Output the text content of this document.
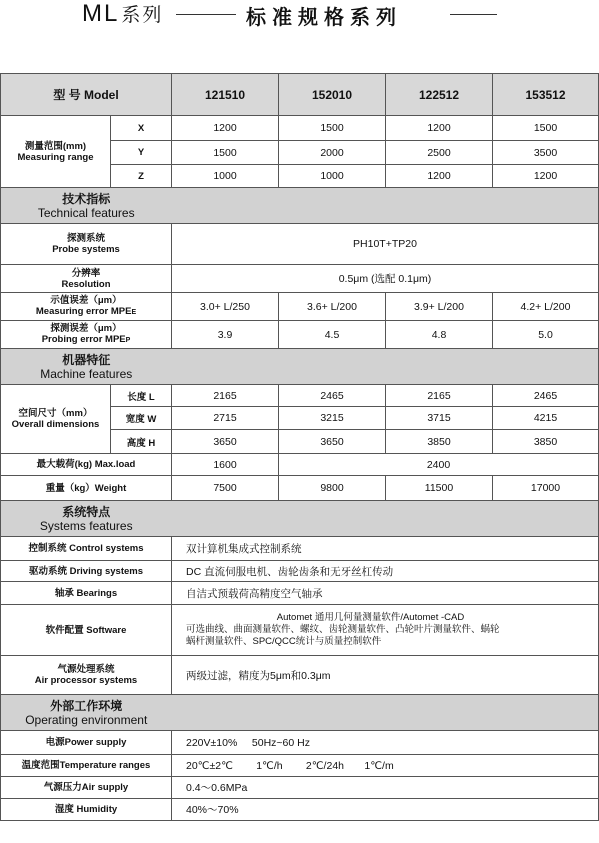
ML 系列	标准规格系列
型 号 Model		121510	152010	122512	153512

测量范围(mm)
Measuring range	X	1200	1500	1200	1500
	Y	1500	2000	2500	3500
	Z	1000	1000	1200	1200

技术指标
Technical features					

探测系统
Probe systems		PH10T+TP20			

分辨率
Resolution		0.5μm (选配 0.1μm)			

示值误差（μm）
Measuring error MPEE		3.0+ L/250	3.6+ L/200	3.9+ L/200	4.2+ L/200

探测误差（μm）
Probing error MPEP		3.9	4.5	4.8	5.0

机器特征
Machine features					

空间尺寸（mm）
Overall dimensions	长度 L	2165	2465	2165	2465
	宽度 W	2715	3215	3715	4215
	高度 H	3650	3650	3850	3850
最大载荷(kg) Max.load		1600	2400		
重量（kg）Weight		7500	9800	11500	17000

系统特点
Systems features					

控制系统 Control systems		双计算机集成式控制系统			
驱动系统 Driving systems		DC 直流伺服电机、齿轮齿条和无牙丝杠传动			
轴承 Bearings		自洁式预载荷高精度空气轴承			
软件配置 Software		Automet 通用几何量测量软件/Automet -CAD
可选曲线、曲面测量软件、螺纹、齿轮测量软件、凸轮叶片测量软件、蜗轮
蜗杆测量软件、SPC/QCC统计与质量控制软件			

气源处理系统
Air processor systems		两级过滤，精度为5μm和0.3μm			

外部工作环境
Operating environment					

电源Power supply		220V±10%     50Hz~60 Hz			
温度范围Temperature ranges		20℃±2℃        1℃/h        2℃/24h       1℃/m			
气源压力Air supply		0.4～0.6MPa			
湿度 Humidity		40%～70%			
